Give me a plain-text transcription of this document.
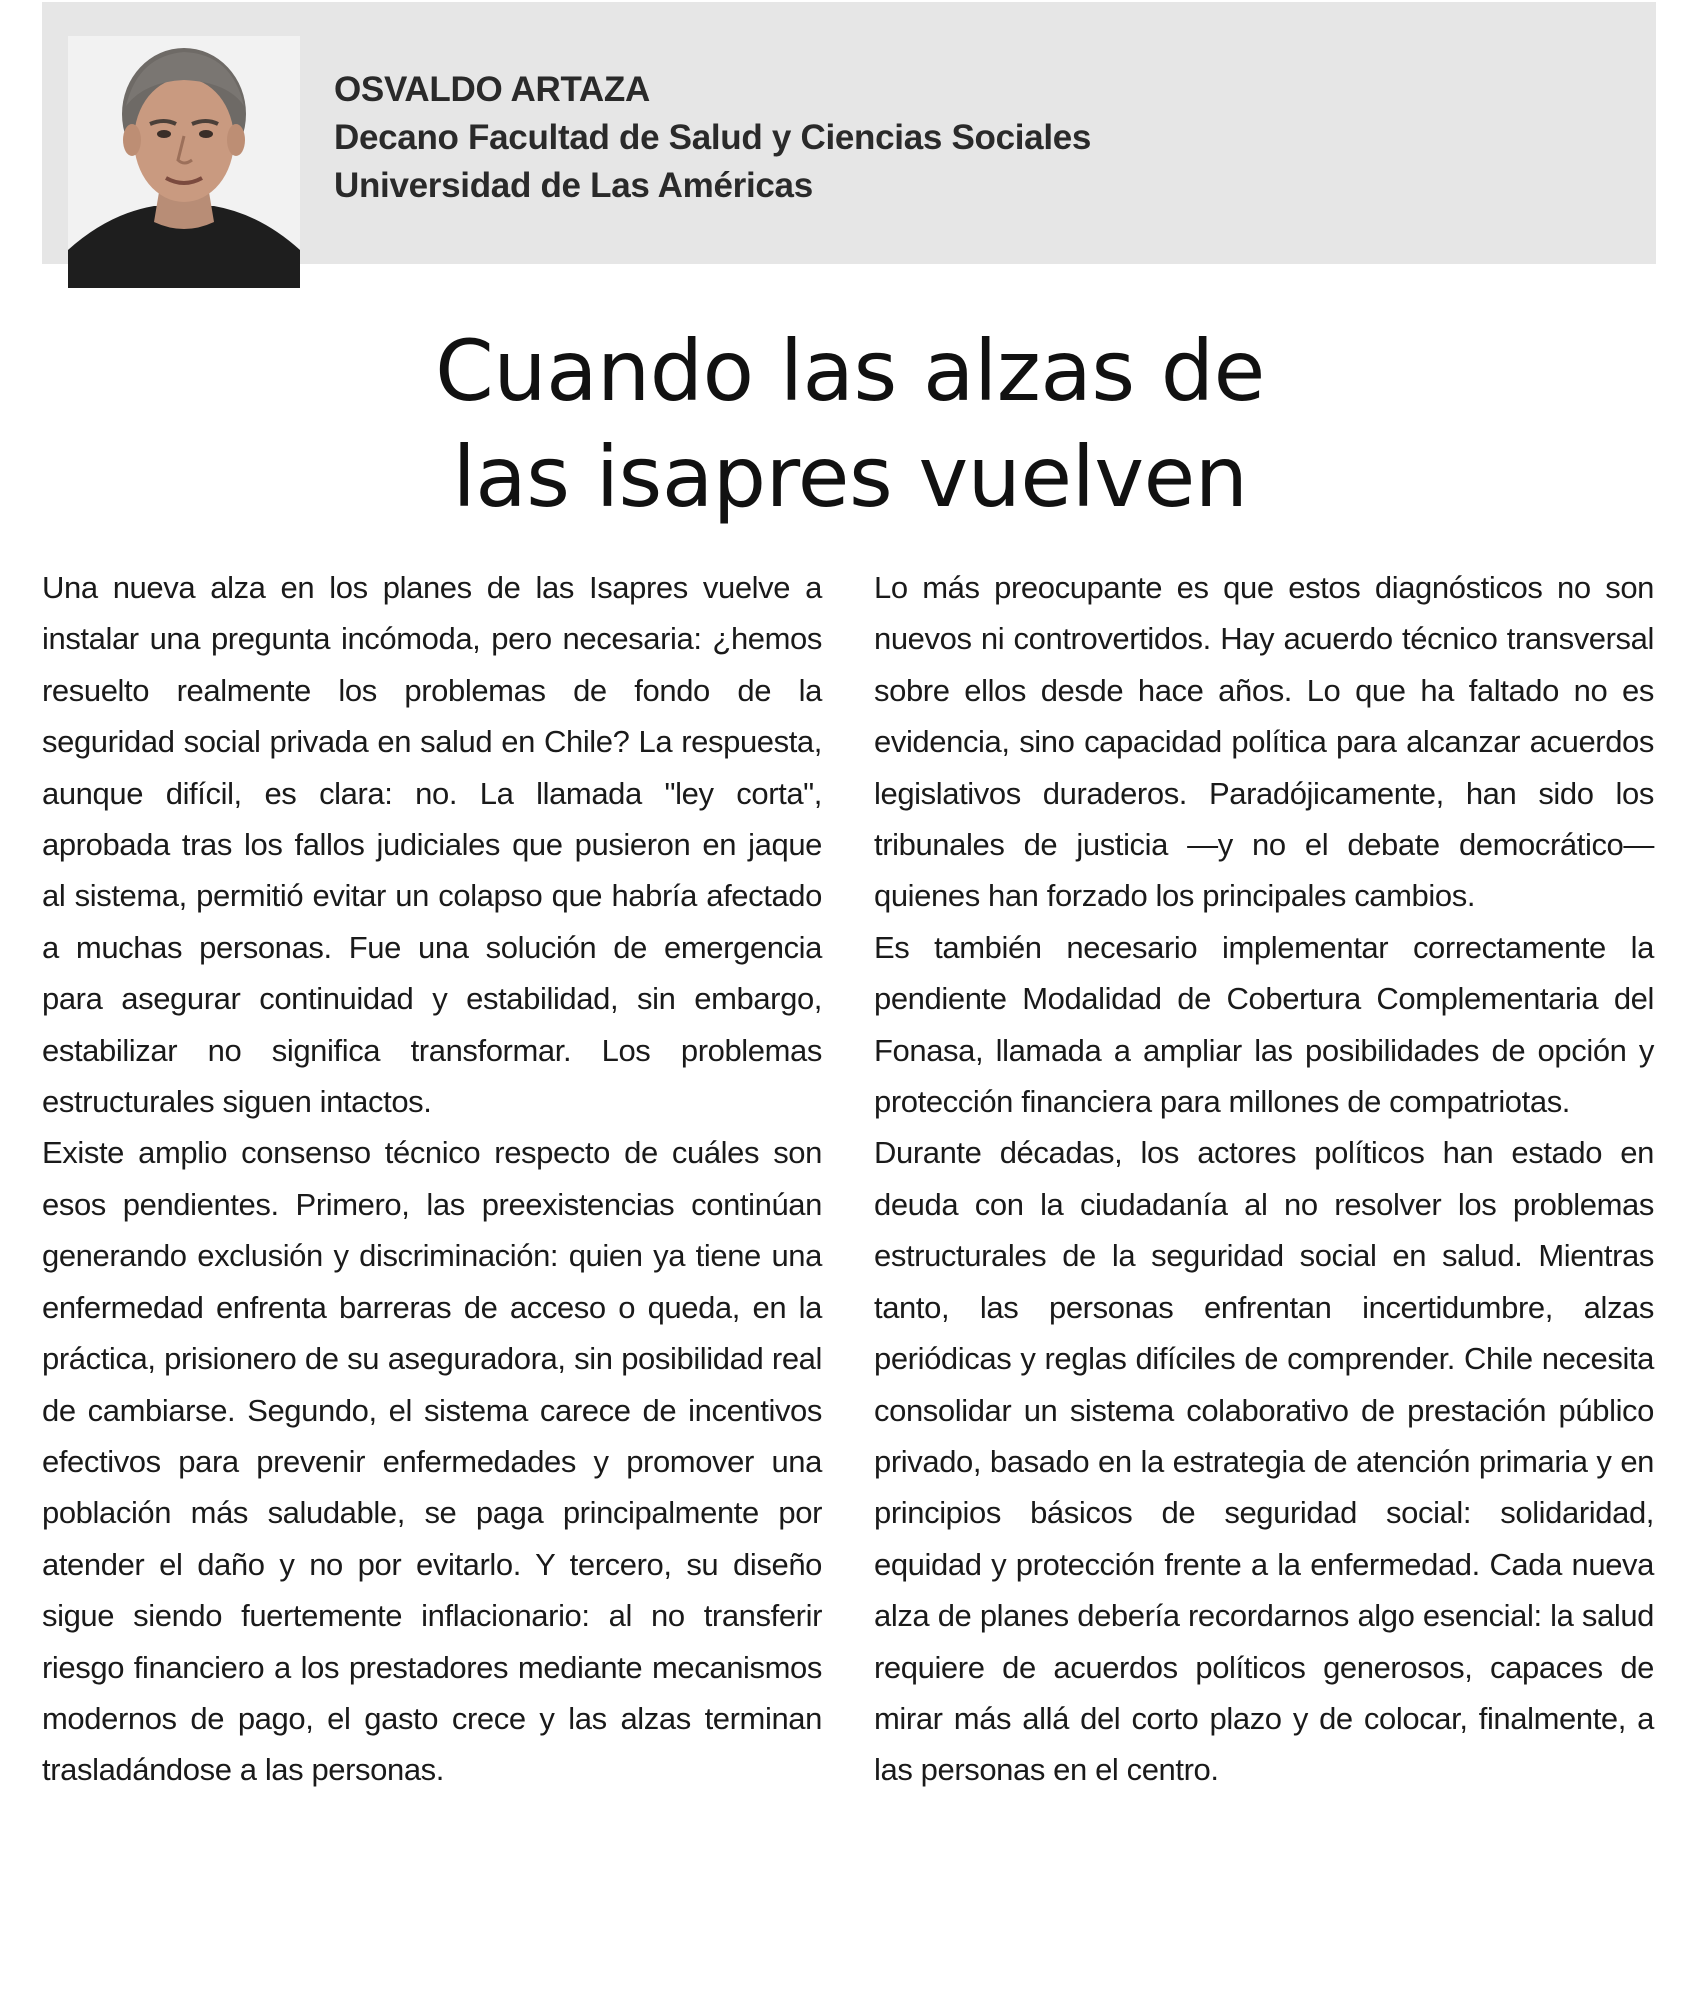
OSVALDO ARTAZA
Decano Facultad de Salud y Ciencias Sociales
Universidad de Las Américas
Cuando las alzas de
las isapres vuelven

Una nueva alza en los planes de las Isapres vuelve a instalar una pregunta incómoda, pero necesaria: ¿hemos resuelto realmente los problemas de fondo de la seguridad social privada en salud en Chile? La respuesta, aunque difícil, es clara: no. La llamada "ley corta", aprobada tras los fallos judiciales que pusieron en jaque al sistema, permitió evitar un colapso que habría afectado a muchas personas. Fue una solución de emergencia para asegurar continuidad y estabilidad, sin embargo, estabilizar no significa transformar. Los problemas estructurales siguen intactos.

Existe amplio consenso técnico respecto de cuáles son esos pendientes. Primero, las preexistencias continúan generando exclusión y discriminación: quien ya tiene una enfermedad enfrenta barreras de acceso o queda, en la práctica, prisionero de su aseguradora, sin posibilidad real de cambiarse. Segundo, el sistema carece de incentivos efectivos para prevenir enfermedades y promover una población más saludable, se paga principalmente por atender el daño y no por evitarlo. Y tercero, su diseño sigue siendo fuertemente inflacionario: al no transferir riesgo financiero a los prestadores mediante mecanismos modernos de pago, el gasto crece y las alzas terminan trasladándose a las personas.

Lo más preocupante es que estos diagnósticos no son nuevos ni controvertidos. Hay acuerdo técnico transversal sobre ellos desde hace años. Lo que ha faltado no es evidencia, sino capacidad política para alcanzar acuerdos legislativos duraderos. Paradójicamente, han sido los tribunales de justicia —y no el debate democrático— quienes han forzado los principales cambios.

Es también necesario implementar correctamente la pendiente Modalidad de Cobertura Complementaria del Fonasa, llamada a ampliar las posibilidades de opción y protección financiera para millones de compatriotas.

Durante décadas, los actores políticos han estado en deuda con la ciudadanía al no resolver los problemas estructurales de la seguridad social en salud. Mientras tanto, las personas enfrentan incertidumbre, alzas periódicas y reglas difíciles de comprender. Chile necesita consolidar un sistema colaborativo de prestación público privado, basado en la estrategia de atención primaria y en principios básicos de seguridad social: solidaridad, equidad y protección frente a la enfermedad. Cada nueva alza de planes debería recordarnos algo esencial: la salud requiere de acuerdos políticos generosos, capaces de mirar más allá del corto plazo y de colocar, finalmente, a las personas en el centro.
